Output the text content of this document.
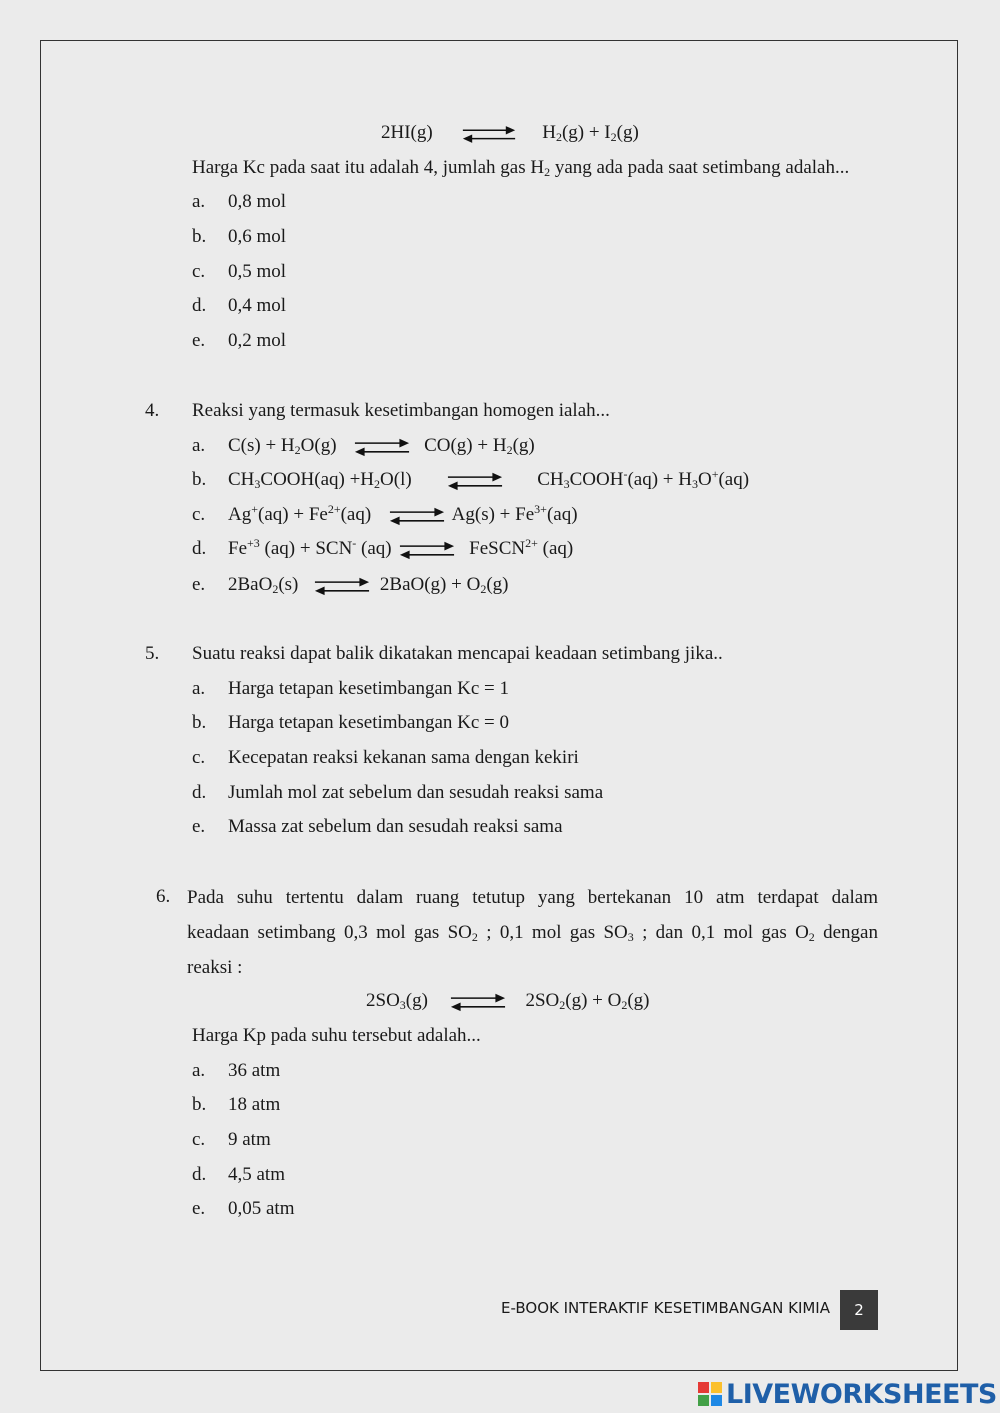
2HI(g)	$H_2(g) + I_2(g)$
Harga Kc pada saat itu adalah 4, jumlah gas $H_2$ yang ada pada saat setimbang adalah...
a. 0,8 mol
b. 0,6 mol
c. 0,5 mol
d. 0,4 mol
e. 0,2 mol
4. Reaksi yang termasuk kesetimbangan homogen ialah...
a. $C(s) + H_2O(g)$	$CO(g) + H_2(g)$
b. $CH_3COOH(aq) +H_2O(l)$	$CH_3COOH^-(aq) + H_3O^+(aq)$
c. $Ag^+(aq) + Fe^{2+}(aq)$	$Ag(s) + Fe^{3+}(aq)$
d. $Fe^{+3}$ (aq) + SCN- (aq)	FeSCN$^{2+}$ (aq)
e. 2BaO$_2$(s)	$2BaO(g) + O_2(g)$
5. Suatu reaksi dapat balik dikatakan mencapai keadaan setimbang jika..
a. Harga tetapan kesetimbangan Kc = 1
b. Harga tetapan kesetimbangan Kc = 0
c. Kecepatan reaksi kekanan sama dengan kekiri
d. Jumlah mol zat sebelum dan sesudah reaksi sama
e. Massa zat sebelum dan sesudah reaksi sama
6. Pada suhu tertentu dalam ruang tetutup yang bertekanan 10 atm terdapat dalam
keadaan setimbang 0,3 mol gas $SO_2$ ; 0,1 mol gas $SO_3$ ; dan 0,1 mol gas $O_2$ dengan
reaksi :
$2SO_3(g)$	$2SO_2(g) + O_2(g)$
Harga Kp pada suhu tersebut adalah...
a. 36 atm
b. 18 atm
c. 9 atm
d. 4,5 atm
e. 0,05 atm
E-BOOK INTERAKTIF KESETIMBANGAN KIMIA	2
LIVEWORKSHEETS
